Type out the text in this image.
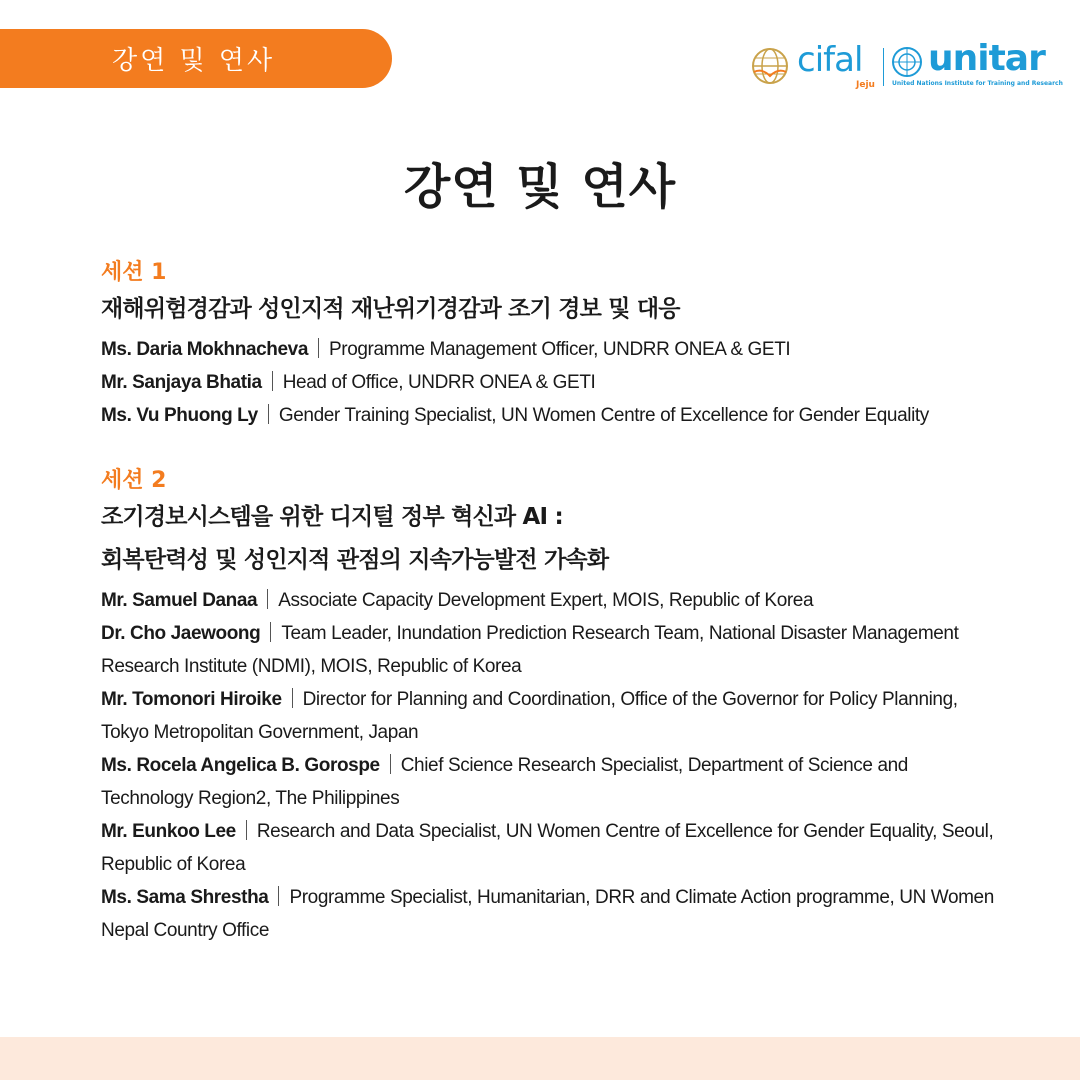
강연 및 연사	cifal
Jeju
unitar
United Nations Institute for Training and Research
강연 및 연사
세션 1
재해위험경감과 성인지적 재난위기경감과 조기 경보 및 대응
Ms. Daria Mokhnacheva Programme Management Officer, UNDRR ONEA & GETI
Mr. Sanjaya Bhatia Head of Office, UNDRR ONEA & GETI
Ms. Vu Phuong Ly Gender Training Specialist, UN Women Centre of Excellence for Gender Equality
세션 2
조기경보시스템을 위한 디지털 정부 혁신과 AI :
회복탄력성 및 성인지적 관점의 지속가능발전 가속화
Mr. Samuel Danaa Associate Capacity Development Expert, MOIS, Republic of Korea
Dr. Cho Jaewoong Team Leader, Inundation Prediction Research Team, National Disaster Management Research Institute (NDMI), MOIS, Republic of Korea
Mr. Tomonori Hiroike Director for Planning and Coordination, Office of the Governor for Policy Planning, Tokyo Metropolitan Government, Japan
Ms. Rocela Angelica B. Gorospe Chief Science Research Specialist, Department of Science and Technology Region2, The Philippines
Mr. Eunkoo Lee Research and Data Specialist, UN Women Centre of Excellence for Gender Equality, Seoul, Republic of Korea
Ms. Sama Shrestha Programme Specialist, Humanitarian, DRR and Climate Action programme, UN Women Nepal Country Office
